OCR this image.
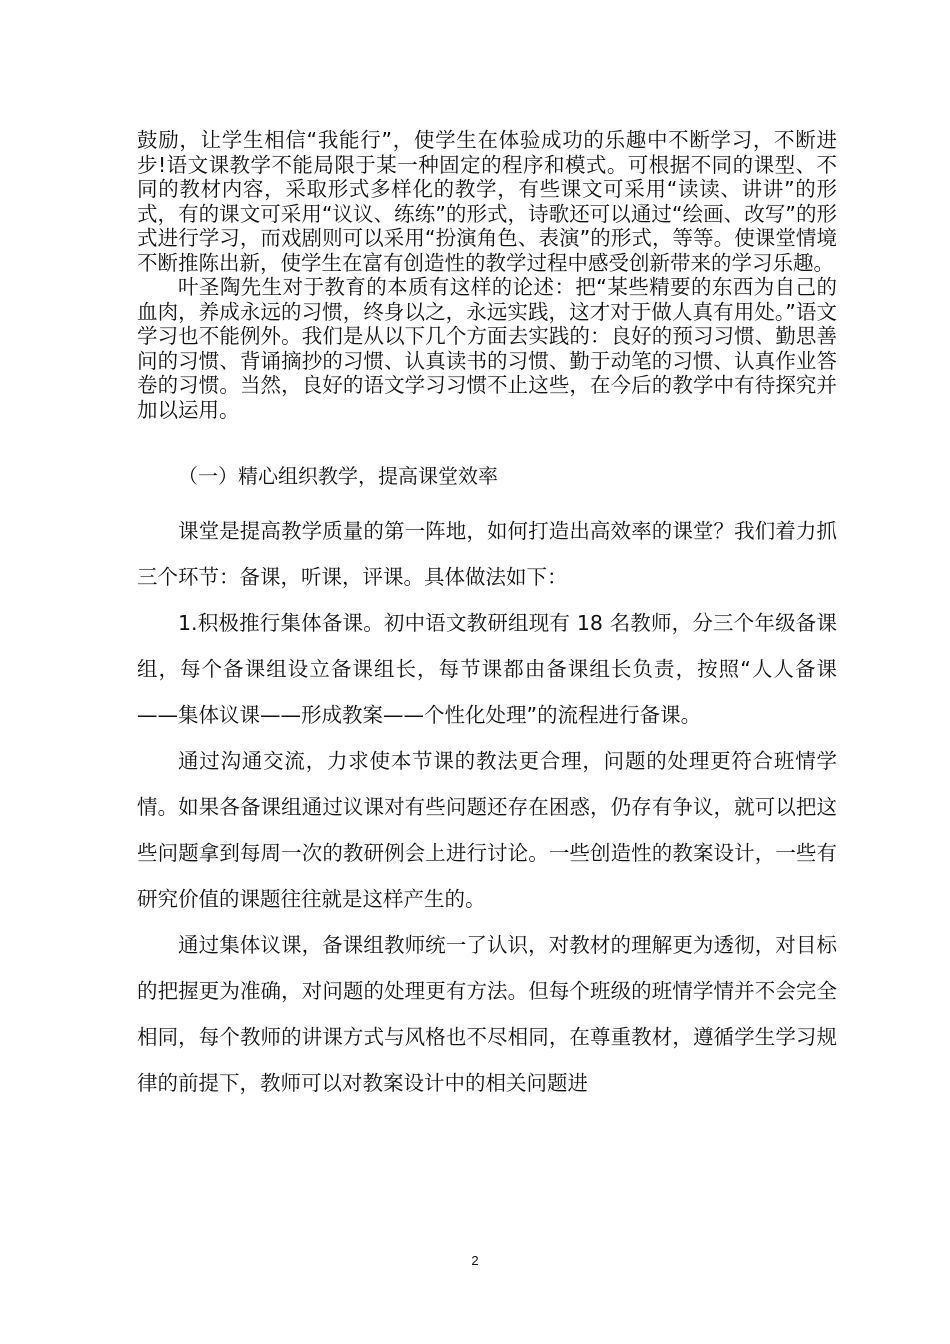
鼓励，让学生相信“我能行”，使学生在体验成功的乐趣中不断学习，不断进步!语文课教学不能局限于某一种固定的程序和模式。可根据不同的课型、不同的教材内容，采取形式多样化的教学，有些课文可采用“读读、讲讲”的形式，有的课文可采用“议议、练练”的形式，诗歌还可以通过“绘画、改写”的形式进行学习，而戏剧则可以采用“扮演角色、表演”的形式，等等。使课堂情境不断推陈出新，使学生在富有创造性的教学过程中感受创新带来的学习乐趣。

叶圣陶先生对于教育的本质有这样的论述：把“某些精要的东西为自己的血肉，养成永远的习惯，终身以之，永远实践，这才对于做人真有用处。”语文学习也不能例外。我们是从以下几个方面去实践的：良好的预习习惯、勤思善问的习惯、背诵摘抄的习惯、认真读书的习惯、勤于动笔的习惯、认真作业答卷的习惯。当然，良好的语文学习习惯不止这些，在今后的教学中有待探究并加以运用。

（一）精心组织教学，提高课堂效率

课堂是提高教学质量的第一阵地，如何打造出高效率的课堂？我们着力抓三个环节：备课，听课，评课。具体做法如下：

1.积极推行集体备课。初中语文教研组现有 18 名教师，分三个年级备课组，每个备课组设立备课组长，每节课都由备课组长负责，按照“人人备课——集体议课——形成教案——个性化处理”的流程进行备课。

通过沟通交流，力求使本节课的教法更合理，问题的处理更符合班情学情。如果各备课组通过议课对有些问题还存在困惑，仍存有争议，就可以把这些问题拿到每周一次的教研例会上进行讨论。一些创造性的教案设计，一些有研究价值的课题往往就是这样产生的。

通过集体议课，备课组教师统一了认识，对教材的理解更为透彻，对目标的把握更为准确，对问题的处理更有方法。但每个班级的班情学情并不会完全相同，每个教师的讲课方式与风格也不尽相同，在尊重教材，遵循学生学习规律的前提下，教师可以对教案设计中的相关问题进

2
